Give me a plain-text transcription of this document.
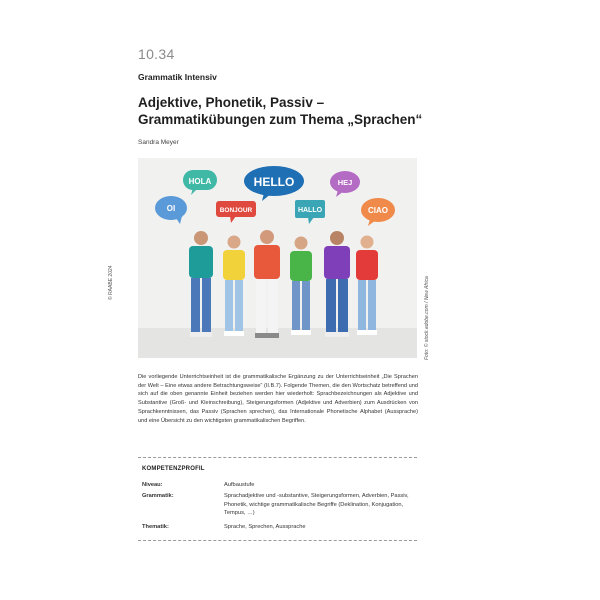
10.34
Grammatik Intensiv
Adjektive, Phonetik, Passiv –
Grammatikübungen zum Thema „Sprachen“
Sandra Meyer
© RAABE 2024
HOLA	HELLO	HEJ
OI	BONJOUR	HALLO	CIAO
Foto: © stock.adobe.com / New Africa
Die vorliegende Unterrichtseinheit ist die grammatikalische Ergänzung zu der Unterrichtseinheit „Die Sprachen der Welt – Eine etwas andere Betrachtungsweise“ (II.B.7). Folgende Themen, die den Wortschatz betreffend und sich auf die oben genannte Einheit beziehen werden hier wiederholt: Sprachbezeichnungen als Adjektive und Substantive (Groß- und Kleinschreibung), Steigerungsformen (Adjektive und Adverbien) zum Ausdrücken von Sprachkenntnissen, das Passiv (Sprachen sprechen), das Internationale Phonetische Alphabet (Aussprache) und eine Übersicht zu den wichtigsten grammatikalischen Begriffen.
KOMPETENZPROFIL
Niveau:	Aufbaustufe
Grammatik:	Sprachadjektive und -substantive, Steigerungsformen, Adverbien, Passiv, Phonetik, wichtige grammatikalische Begriffe (Deklination, Konjugation, Tempus, …)
Thematik:	Sprache, Sprechen, Aussprache
